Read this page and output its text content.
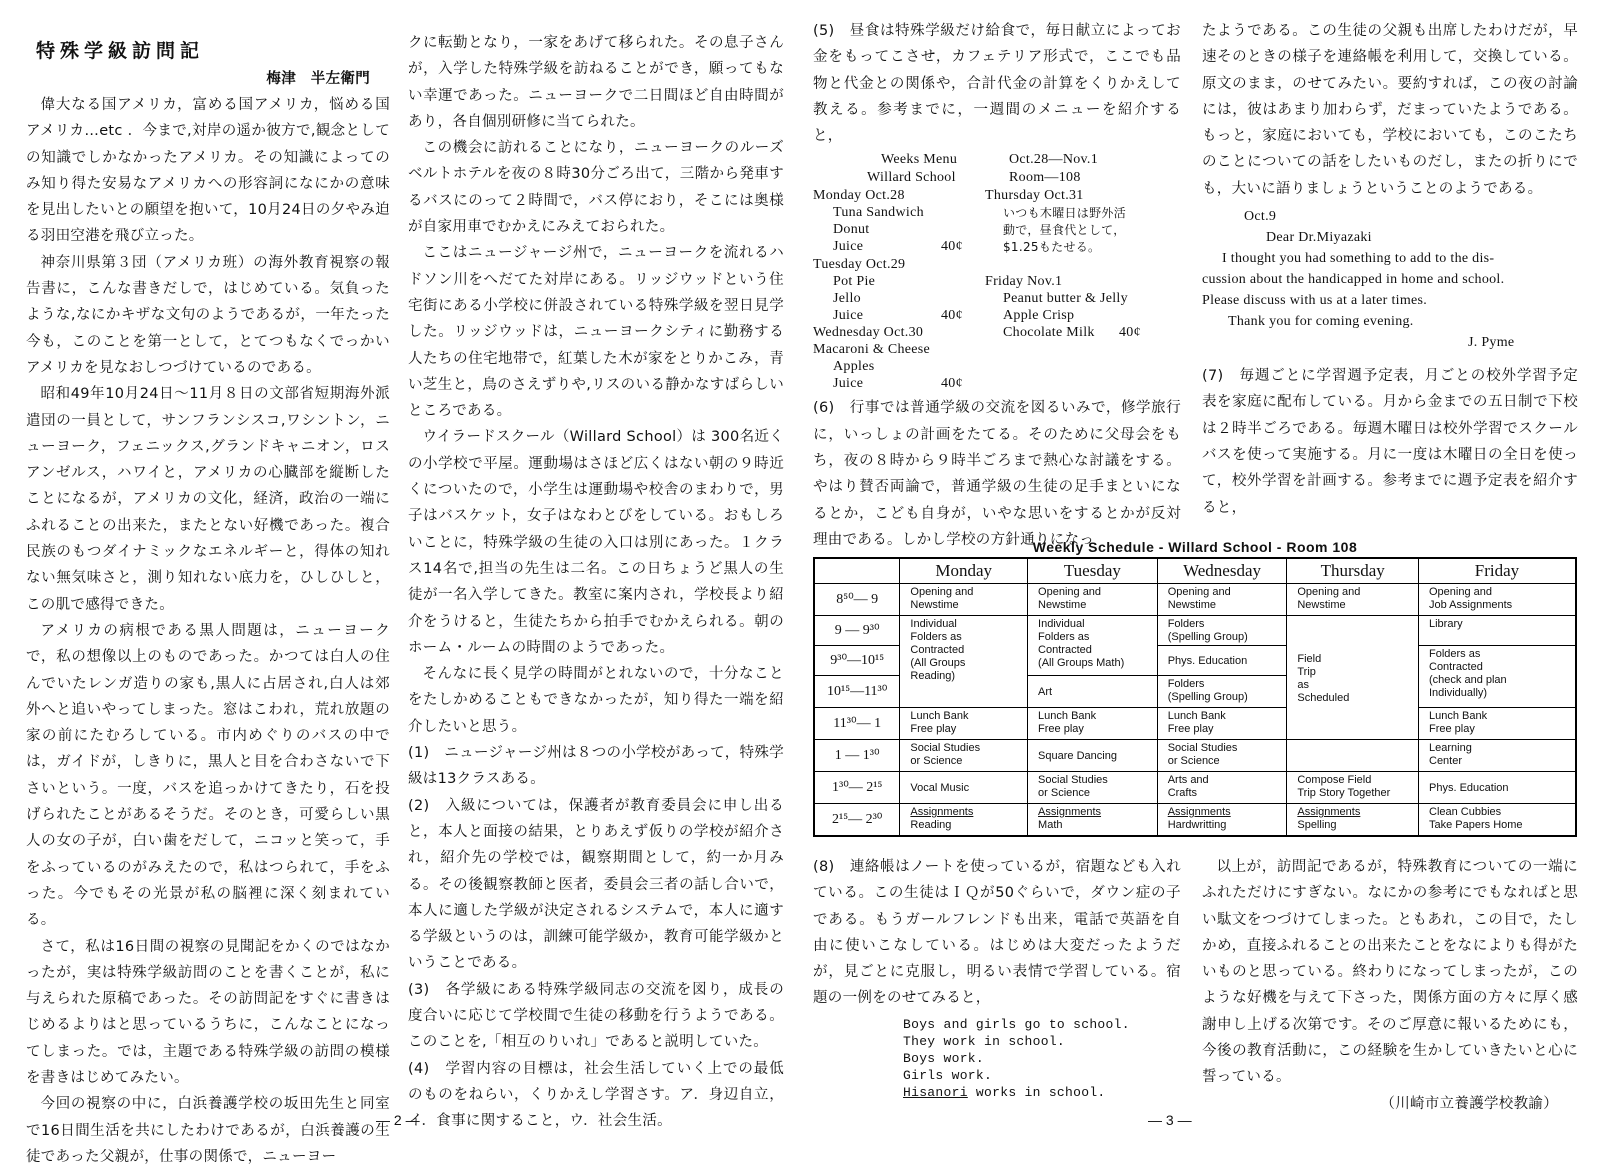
特殊学級訪問記
梅津　半左衛門

偉大なる国アメリカ，富める国アメリカ，悩める国アメリカ…etc ．今まで,対岸の遥か彼方で,観念としての知識でしかなかったアメリカ。その知識によってのみ知り得た安易なアメリカへの形容詞になにかの意味を見出したいとの願望を抱いて，10月24日の夕やみ迫る羽田空港を飛び立った。

神奈川県第３団（アメリカ班）の海外教育視察の報告書に，こんな書きだしで，はじめている。気負ったような,なにかキザな文句のようであるが，一年たった今も，このことを第一として，とてつもなくでっかいアメリカを見なおしつづけているのである。

昭和49年10月24日～11月８日の文部省短期海外派遣団の一員として，サンフランシスコ,ワシントン，ニューヨーク，フェニックス,グランドキャニオン，ロスアンゼルス，ハワイと，アメリカの心臓部を縦断したことになるが，アメリカの文化，経済，政治の一端にふれることの出来た，またとない好機であった。複合民族のもつダイナミックなエネルギーと，得体の知れない無気味さと，測り知れない底力を，ひしひしと，この肌で感得できた。

アメリカの病根である黒人問題は，ニューヨークで，私の想像以上のものであった。かつては白人の住んでいたレンガ造りの家も,黒人に占居され,白人は郊外へと追いやってしまった。窓はこわれ，荒れ放題の家の前にたむろしている。市内めぐりのバスの中では，ガイドが，しきりに，黒人と目を合わさないで下さいという。一度，バスを追っかけてきたり，石を投げられたことがあるそうだ。そのとき，可愛らしい黒人の女の子が，白い歯をだして，ニコッと笑って，手をふっているのがみえたので，私はつられて，手をふった。今でもその光景が私の脳裡に深く刻まれている。

さて，私は16日間の視察の見聞記をかくのではなかったが，実は特殊学級訪問のことを書くことが，私に与えられた原稿であった。その訪問記をすぐに書きはじめるよりはと思っているうちに，こんなことになってしまった。では，主題である特殊学級の訪問の模様を書きはじめてみたい。

今回の視察の中に，白浜養護学校の坂田先生と同室で16日間生活を共にしたわけであるが，白浜養護の生徒であった父親が，仕事の関係で，ニューヨー

クに転勤となり，一家をあげて移られた。その息子さんが，入学した特殊学級を訪ねることができ，願ってもない幸運であった。ニューヨークで二日間ほど自由時間があり，各自個別研修に当てられた。

この機会に訪れることになり，ニューヨークのルーズベルトホテルを夜の８時30分ごろ出て，三階から発車するバスにのって２時間で，バス停におり，そこには奥様が自家用車でむかえにみえておられた。

ここはニュージャージ州で，ニューヨークを流れるハドソン川をへだてた対岸にある。リッジウッドという住宅街にある小学校に併設されている特殊学級を翌日見学した。リッジウッドは，ニューヨークシティに勤務する人たちの住宅地帯で，紅葉した木が家をとりかこみ，青い芝生と，鳥のさえずりや,リスのいる静かなすばらしいところである。

ウイラードスクール（Willard School）は 300名近くの小学校で平屋。運動場はさほど広くはない朝の９時近くについたので，小学生は運動場や校舎のまわりで，男子はバスケット，女子はなわとびをしている。おもしろいことに，特殊学級の生徒の入口は別にあった。１クラス14名で,担当の先生は二名。この日ちょうど黒人の生徒が一名入学してきた。教室に案内され，学校長より紹介をうけると，生徒たちから拍手でむかえられる。朝のホーム・ルームの時間のようであった。

そんなに長く見学の時間がとれないので，十分なことをたしかめることもできなかったが，知り得た一端を紹介したいと思う。

(1)　ニュージャージ州は８つの小学校があって，特殊学級は13クラスある。

(2)　入級については，保護者が教育委員会に申し出ると，本人と面接の結果，とりあえず仮りの学校が紹介され，紹介先の学校では，観察期間として，約一か月みる。その後観察教師と医者，委員会三者の話し合いで，本人に適した学級が決定されるシステムで，本人に適する学級というのは，訓練可能学級か，教育可能学級かということである。

(3)　各学級にある特殊学級同志の交流を図り，成長の度合いに応じて学校間で生徒の移動を行うようである。このことを,「相互のりいれ」であると説明していた。

(4)　学習内容の目標は，社会生活していく上での最低のものをねらい，くりかえし学習さす。ア．身辺自立，イ．食事に関すること，ウ．社会生活。

(5)　昼食は特殊学級だけ給食で，毎日献立によってお金をもってこさせ，カフェテリア形式で，ここでも品物と代金との関係や，合計代金の計算をくりかえして教える。参考までに，一週間のメニューを紹介すると，

Weeks Menu
Willard School
Oct.28—Nov.1
Room—108
Monday Oct.28
Tuna Sandwich
Donut
Juice	40¢
Tuesday Oct.29
Pot Pie
Jello
Juice	40¢
Wednesday Oct.30
Macaroni & Cheese
Apples
Juice	40¢
Thursday Oct.31
いつも木曜日は野外活
動で，昼食代として，
$1.25もたせる。
Friday Nov.1
Peanut butter & Jelly
Apple Crisp
Chocolate Milk 40¢

(6)　行事では普通学級の交流を図るいみで，修学旅行に，いっしょの計画をたてる。そのために父母会をもち，夜の８時から９時半ごろまで熱心な討議をする。やはり賛否両論で，普通学級の生徒の足手まといになるとか，こども自身が，いやな思いをするとかが反対理由である。しかし学校の方針通りになっ

たようである。この生徒の父親も出席したわけだが，早速そのときの様子を連絡帳を利用して，交換している。原文のまま，のせてみたい。要約すれば，この夜の討論には，彼はあまり加わらず，だまっていたようである。もっと，家庭においても，学校においても，このこたちのことについての話をしたいものだし，またの折りにでも，大いに語りましょうということのようである。

Oct.9
Dear Dr.Miyazaki
I thought you had something to add to the dis-
cussion about the handicapped in home and school.
Please discuss with us at a later times.
Thank you for coming evening.
J. Pyme

(7)　毎週ごとに学習週予定表，月ごとの校外学習予定表を家庭に配布している。月から金までの五日制で下校は２時半ごろである。毎週木曜日は校外学習でスクールバスを使って実施する。月に一度は木曜日の全日を使って，校外学習を計画する。参考までに週予定表を紹介すると，

Weekly Schedule - Willard School - Room 108
	Monday	Tuesday	Wednesday	Thursday	Friday
8⁵⁰— 9	Opening and
Newstime	Opening and
Newstime	Opening and
Newstime	Opening and
Newstime	Opening and
Job Assignments
9 — 9³⁰	Individual
Folders as
Contracted
(All Groups
Reading)	Individual
Folders as
Contracted
(All Groups Math)	Folders
(Spelling Group)	Field
Trip
as
Scheduled	Library
9³⁰—10¹⁵			Phys. Education		Folders as
Contracted
(check and plan
Individually)
10¹⁵—11³⁰		Art	Folders
(Spelling Group)		
11³⁰— 1	Lunch Bank
Free play	Lunch Bank
Free play	Lunch Bank
Free play		Lunch Bank
Free play
1 — 1³⁰	Social Studies
or Science	Square Dancing	Social Studies
or Science		Learning
Center
1³⁰— 2¹⁵	Vocal Music	Social Studies
or Science	Arts and
Crafts	Compose Field
Trip Story Together	Phys. Education
2¹⁵— 2³⁰	Assignments
Reading	Assignments
Math	Assignments
Hardwritting	Assignments
Spelling	Clean Cubbies
Take Papers Home

(8)　連絡帳はノートを使っているが，宿題なども入れている。この生徒はＩＱが50ぐらいで，ダウン症の子である。もうガールフレンドも出来，電話で英語を自由に使いこなしている。はじめは大変だったようだが，見ごとに克服し，明るい表情で学習している。宿題の一例をのせてみると，

Boys and girls go to school.
They work in school.
Boys work.
Girls work.
Hisanori works in school.

以上が，訪問記であるが，特殊教育についての一端にふれただけにすぎない。なにかの参考にでもなればと思い駄文をつづけてしまった。ともあれ，この目で，たしかめ，直接ふれることの出来たことをなによりも得がたいものと思っている。終わりになってしまったが，このような好機を与えて下さった，関係方面の方々に厚く感謝申し上げる次第です。そのご厚意に報いるためにも，今後の教育活動に，この経験を生かしていきたいと心に誓っている。

（川崎市立養護学校教諭）
— 2 —	— 3 —
